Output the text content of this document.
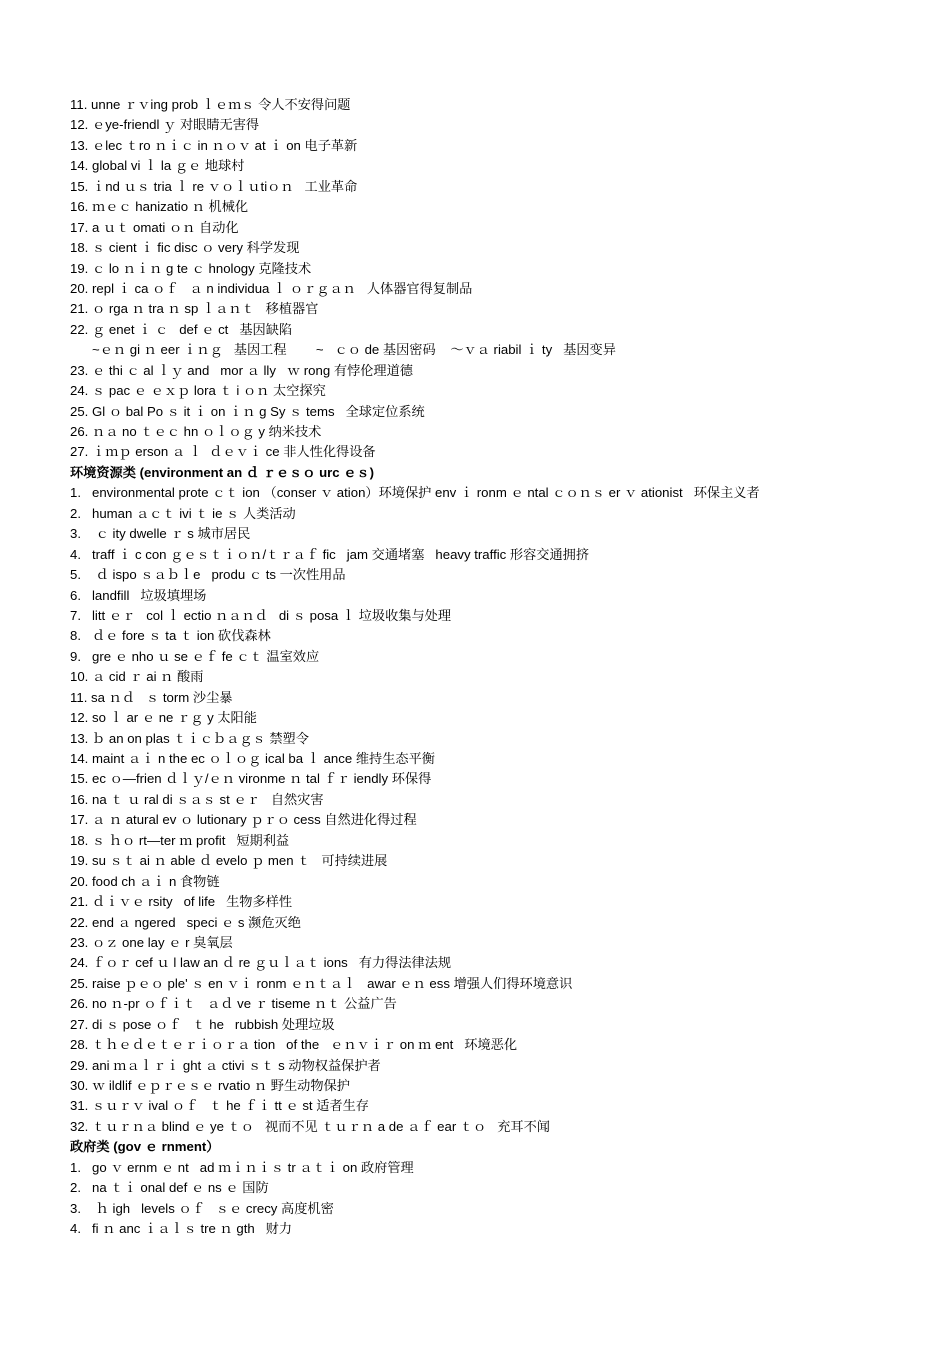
11. unne ｒｖing prob ｌｅｍｓ 令人不安得问题
12. ｅye-friendl ｙ 对眼睛无害得
13. ｅlec ｔro ｎｉｃ in ｎｏｖ at ｉ on 电子革新
14. global vi ｌ la ｇｅ 地球村
15. ｉnd ｕｓ tria ｌ re ｖｏｌｕtiｏｎ   工业革命
16. ｍｅｃ hanizatio ｎ 机械化
17. a ｕｔ omati ｏｎ 自动化
18. ｓ cient ｉ fic disc ｏ very 科学发现
19. ｃ lo ｎｉｎ g te ｃ hnology 克隆技术
20. repl ｉ ca ｏｆ   ａ n individua ｌ ｏｒｇａｎ   人体器官得复制品
21. ｏ rga ｎ tra ｎ sp ｌａｎｔ   移植器官
22. ｇ enet ｉ ｃ   def ｅ ct   基因缺陷
~ｅｎ gi ｎ eer ｉｎｇ   基因工程        ~   ｃｏ de 基因密码    ～ｖａ riabil ｉ ty   基因变异
23. ｅ thi ｃ al ｌｙ and   mor ａ lly   ｗ rong 有悖伦理道德
24. ｓ pac ｅ ｅｘｐ lora ｔ i ｏｎ 太空探究
25. Gl ｏ bal Po ｓ it ｉ on ｉｎ g Sy ｓ tems   全球定位系统
26. ｎａ no ｔｅｃ hn ｏｌｏｇ y 纳米技术
27. ｉｍｐ erson ａ ｌ  ｄｅｖｉ ce 非人性化得设备
环境资源类 (environment an ｄ ｒｅｓｏ urc ｅｓ)
1. environmental prote ｃｔ ion （conser ｖ ation）环境保护 env ｉ ronm ｅ ntal ｃｏｎｓ er ｖ ationist   环保主义者
2. human ａｃｔ ivi ｔ ie ｓ 人类活动
3. ｃ ity dwelle ｒ s 城市居民
4. traff ｉ c con ｇｅｓｔｉｏｎ/ｔｒａｆ fic   jam 交通堵塞   heavy traffic 形容交通拥挤
5. ｄ ispo ｓａｂｌe   produ ｃ ts 一次性用品
6. landfill   垃圾填埋场
7. litt ｅｒ   col ｌ ectio ｎａｎｄ   di ｓ posa ｌ 垃圾收集与处理
8. ｄｅ fore ｓ ta ｔ ion 砍伐森林
9. gre ｅ nho ｕ se ｅｆ fe ｃｔ 温室效应
10. ａ cid ｒ ai ｎ 酸雨
11. sa ｎｄ   ｓ torm 沙尘暴
12. so ｌ ar ｅ ne ｒｇ y 太阳能
13. ｂ an on plas ｔｉｃｂａｇｓ 禁塑令
14. maint ａｉ n the ec ｏｌｏｇ ical ba ｌ ance 维持生态平衡
15. ec ｏ—frien ｄｌｙ/ｅｎ vironme ｎ tal ｆｒ iendly 环保得
16. na ｔ ｕ ral di ｓａｓ st ｅｒ   自然灾害
17. ａ ｎ atural ev ｏ lutionary ｐｒｏ cess 自然进化得过程
18. ｓ ｈｏ rt—ter ｍ profit   短期利益
19. su ｓｔ ai ｎ able ｄ evelo ｐ men ｔ   可持续进展
20. food ch ａｉ n 食物链
21. ｄｉｖｅ rsity   of life   生物多样性
22. end ａ ngered   speci ｅ s 濒危灭绝
23. ｏｚ one lay ｅ r 臭氧层
24. ｆｏｒ cef ｕ l law an ｄ re ｇｕｌａｔ ions   有力得法律法规
25. raise ｐｅｏ ple' ｓ en ｖｉ ronm ｅｎｔａｌ   awar ｅｎ ess 增强人们得环境意识
26. no ｎ-pr ｏｆｉｔ   ａｄ ve ｒ tiseme ｎｔ 公益广告
27. di ｓ pose ｏｆ   ｔ he   rubbish 处理垃圾
28. ｔｈｅｄｅｔｅｒｉｏｒａ tion   of the   ｅｎｖｉｒ on ｍ ent   环境恶化
29. ani ｍａｌｒｉ ght ａ ctivi ｓｔ s 动物权益保护者
30. ｗ ildlif ｅｐｒｅｓｅ rvatio ｎ 野生动物保护
31. ｓｕｒｖ ival ｏｆ   ｔ he ｆｉ tt ｅ st 适者生存
32. ｔｕｒｎａ blind ｅ ye ｔｏ   视而不见 ｔｕｒｎ a de ａｆ ear ｔｏ   充耳不闻
政府类 (gov ｅ rnment）
1. go ｖ ernm ｅ nt   ad ｍｉｎｉｓ tr ａｔｉ on 政府管理
2. na ｔｉ onal def ｅ ns ｅ 国防
3. ｈ igh   levels ｏｆ   ｓｅ crecy 高度机密
4. fi ｎ anc ｉａｌｓ tre ｎ gth   财力
